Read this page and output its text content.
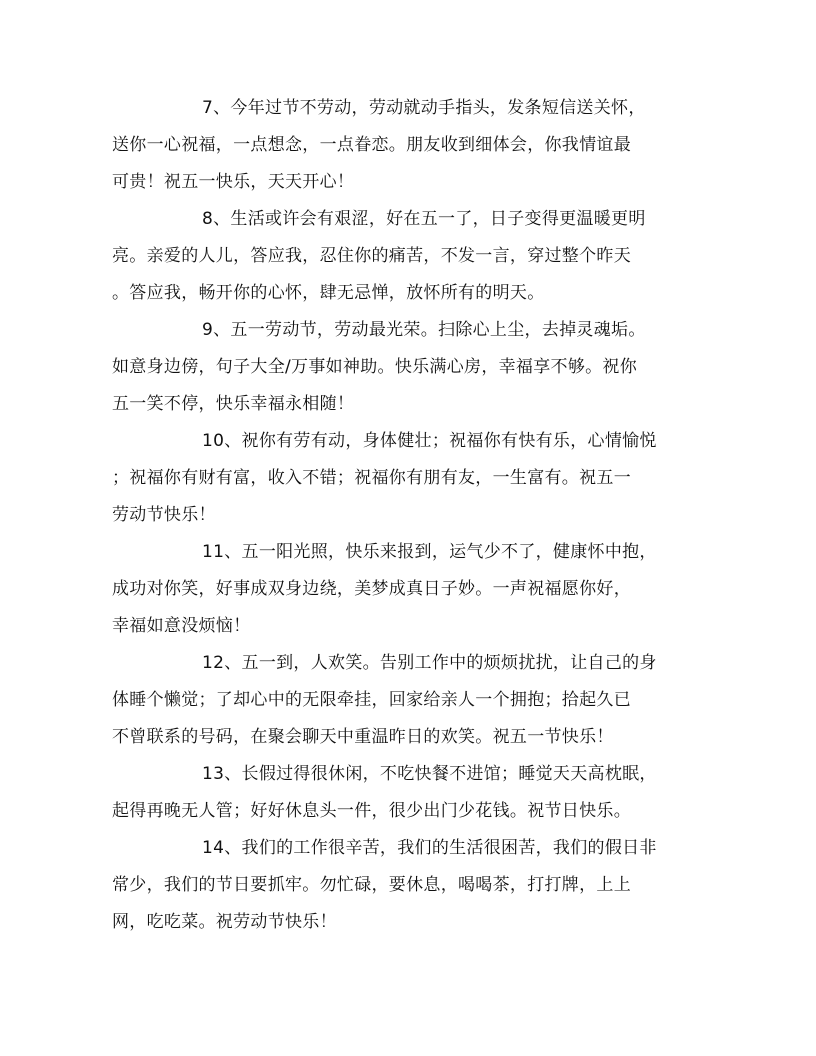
7、今年过节不劳动，劳动就动手指头，发条短信送关怀，
送你一心祝福，一点想念，一点眷恋。朋友收到细体会，你我情谊最
可贵！祝五一快乐，天天开心！

8、生活或许会有艰涩，好在五一了，日子变得更温暖更明
亮。亲爱的人儿，答应我，忍住你的痛苦，不发一言，穿过整个昨天
。答应我，畅开你的心怀，肆无忌惮，放怀所有的明天。

9、五一劳动节，劳动最光荣。扫除心上尘，去掉灵魂垢。
如意身边傍，句子大全/万事如神助。快乐满心房，幸福享不够。祝你
五一笑不停，快乐幸福永相随！

10、祝你有劳有动，身体健壮；祝福你有快有乐，心情愉悦
；祝福你有财有富，收入不错；祝福你有朋有友，一生富有。祝五一
劳动节快乐！

11、五一阳光照，快乐来报到，运气少不了，健康怀中抱，
成功对你笑，好事成双身边绕，美梦成真日子妙。一声祝福愿你好，
幸福如意没烦恼！

12、五一到，人欢笑。告别工作中的烦烦扰扰，让自己的身
体睡个懒觉；了却心中的无限牵挂，回家给亲人一个拥抱；拾起久已
不曾联系的号码，在聚会聊天中重温昨日的欢笑。祝五一节快乐！

13、长假过得很休闲，不吃快餐不进馆；睡觉天天高枕眠，
起得再晚无人管；好好休息头一件，很少出门少花钱。祝节日快乐。

14、我们的工作很辛苦，我们的生活很困苦，我们的假日非
常少，我们的节日要抓牢。勿忙碌，要休息，喝喝茶，打打牌，上上
网，吃吃菜。祝劳动节快乐！
